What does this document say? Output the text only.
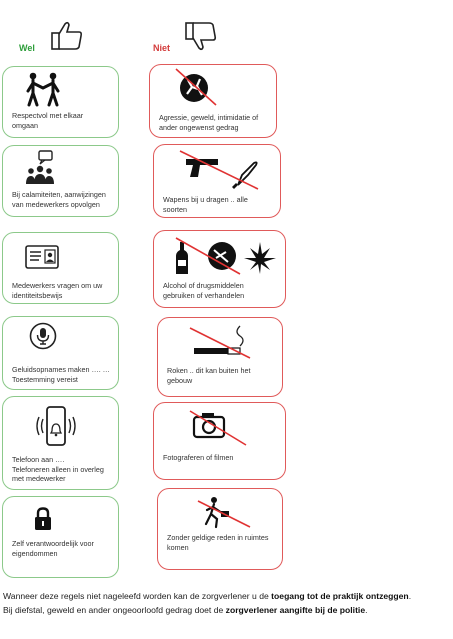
Wel	Niet
Respectvol met elkaar
omgaan
Bij calamiteiten, aanwijzingen
van medewerkers opvolgen
Medewerkers vragen om uw
identiteitsbewijs
Geluidsopnames maken …. …
Toestemming vereist
Telefoon aan ….
Telefoneren alleen in overleg
met medewerker
Zelf verantwoordelijk voor
eigendommen
Agressie, geweld, intimidatie of
ander ongewenst gedrag
Wapens bij u dragen .. alle
soorten
Alcohol of drugsmiddelen
gebruiken of verhandelen
Roken .. dit kan buiten het
gebouw
Fotograferen of filmen
Zonder geldige reden in ruimtes
komen
Wanneer deze regels niet nageleefd worden kan de zorgverlener u de toegang tot de praktijk ontzeggen.
Bij diefstal, geweld en ander ongeoorloofd gedrag doet de zorgverlener aangifte bij de politie.
